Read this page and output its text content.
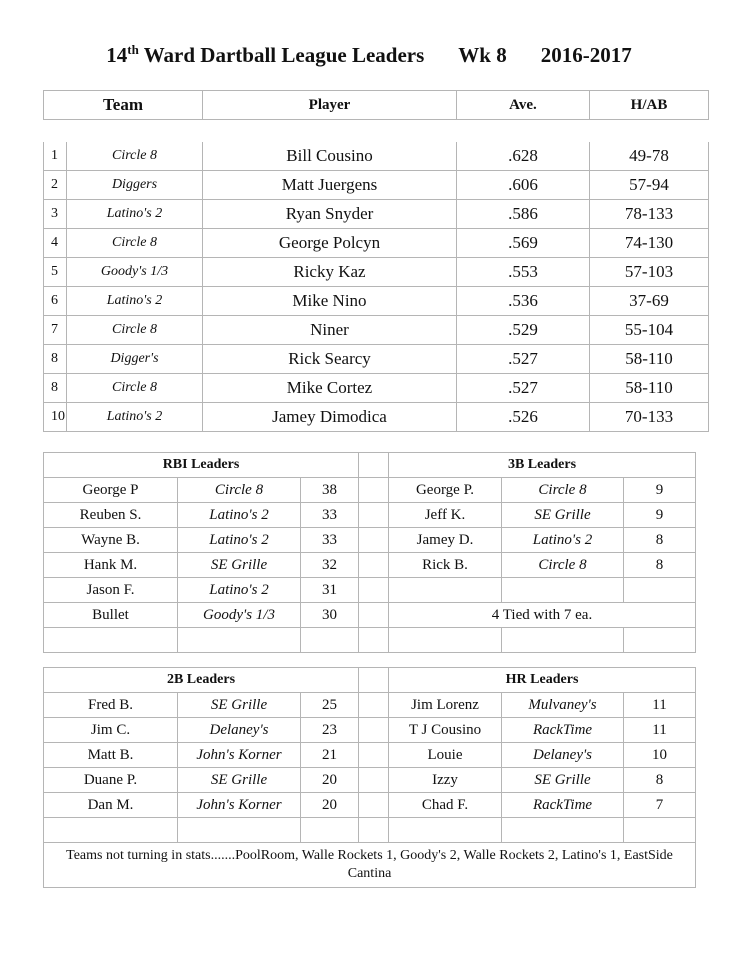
14th Ward Dartball League Leaders Wk 8 2016-2017
Team	Player	Ave.	H/AB
1	Circle 8	Bill Cousino	.628	49-78
2	Diggers	Matt Juergens	.606	57-94
3	Latino's 2	Ryan Snyder	.586	78-133
4	Circle 8	George Polcyn	.569	74-130
5	Goody's 1/3	Ricky Kaz	.553	57-103
6	Latino's 2	Mike Nino	.536	37-69
7	Circle 8	Niner	.529	55-104
8	Digger's	Rick Searcy	.527	58-110
8	Circle 8	Mike Cortez	.527	58-110
10	Latino's 2	Jamey Dimodica	.526	70-133
RBI Leaders				3B Leaders		
George P	Circle 8	38		George P.	Circle 8	9
Reuben S.	Latino's 2	33		Jeff K.	SE Grille	9
Wayne B.	Latino's 2	33		Jamey D.	Latino's 2	8
Hank M.	SE Grille	32		Rick B.	Circle 8	8
Jason F.	Latino's 2	31				
Bullet	Goody's 1/3	30		4 Tied with 7 ea.		

2B Leaders				HR Leaders		
Fred B.	SE Grille	25		Jim Lorenz	Mulvaney's	11
Jim C.	Delaney's	23		T J Cousino	RackTime	11
Matt B.	John's Korner	21		Louie	Delaney's	10
Duane P.	SE Grille	20		Izzy	SE Grille	8
Dan M.	John's Korner	20		Chad F.	RackTime	7

Teams not turning in stats.......PoolRoom, Walle Rockets 1, Goody's 2, Walle Rockets 2, Latino's 1, EastSide Cantina						
